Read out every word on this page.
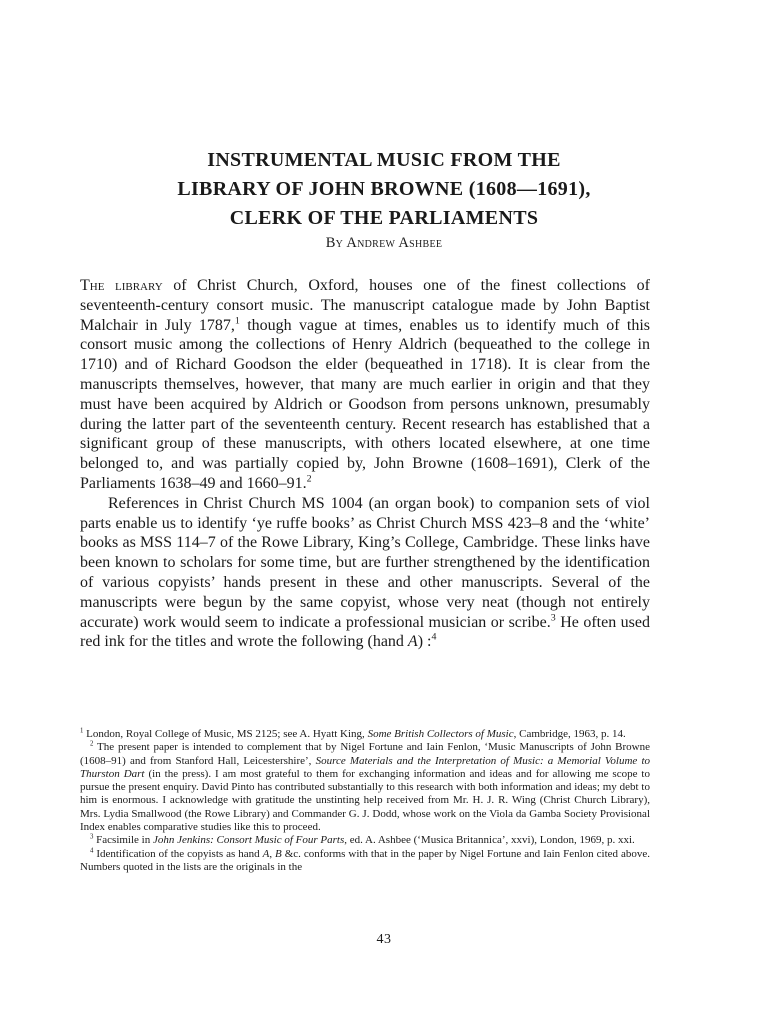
INSTRUMENTAL MUSIC FROM THE
LIBRARY OF JOHN BROWNE (1608—1691),
CLERK OF THE PARLIAMENTS
By Andrew Ashbee

The library of Christ Church, Oxford, houses one of the finest collections of seventeenth-century consort music. The manuscript catalogue made by John Baptist Malchair in July 1787,$^1$ though vague at times, enables us to identify much of this consort music among the collections of Henry Aldrich (bequeathed to the college in 1710) and of Richard Goodson the elder (bequeathed in 1718). It is clear from the manuscripts themselves, however, that many are much earlier in origin and that they must have been acquired by Aldrich or Goodson from persons unknown, presumably during the latter part of the seventeenth century. Recent research has established that a significant group of these manuscripts, with others located elsewhere, at one time belonged to, and was partially copied by, John Browne (1608–1691), Clerk of the Parliaments 1638–49 and 1660–91.$^2$

References in Christ Church MS 1004 (an organ book) to companion sets of viol parts enable us to identify ‘ye ruffe books’ as Christ Church MSS 423–8 and the ‘white’ books as MSS 114–7 of the Rowe Library, King’s College, Cambridge. These links have been known to scholars for some time, but are further strengthened by the identification of various copyists’ hands present in these and other manuscripts. Several of the manuscripts were begun by the same copyist, whose very neat (though not entirely accurate) work would seem to indicate a professional musician or scribe.$^3$ He often used red ink for the titles and wrote the following (hand A) :$^4$

$^1$ London, Royal College of Music, MS 2125; see A. Hyatt King, Some British Collectors of Music, Cambridge, 1963, p. 14.

$^2$ The present paper is intended to complement that by Nigel Fortune and Iain Fenlon, ‘Music Manuscripts of John Browne (1608–91) and from Stanford Hall, Leicestershire’, Source Materials and the Interpretation of Music: a Memorial Volume to Thurston Dart (in the press). I am most grateful to them for exchanging information and ideas and for allowing me scope to pursue the present enquiry. David Pinto has contributed substantially to this research with both information and ideas; my debt to him is enormous. I acknowledge with gratitude the unstinting help received from Mr. H. J. R. Wing (Christ Church Library), Mrs. Lydia Smallwood (the Rowe Library) and Commander G. J. Dodd, whose work on the Viola da Gamba Society Provisional Index enables comparative studies like this to proceed.

$^3$ Facsimile in John Jenkins: Consort Music of Four Parts, ed. A. Ashbee (‘Musica Britannica’, xxvi), London, 1969, p. xxi.

$^4$ Identification of the copyists as hand A, B &c. conforms with that in the paper by Nigel Fortune and Iain Fenlon cited above. Numbers quoted in the lists are the originals in the

43
